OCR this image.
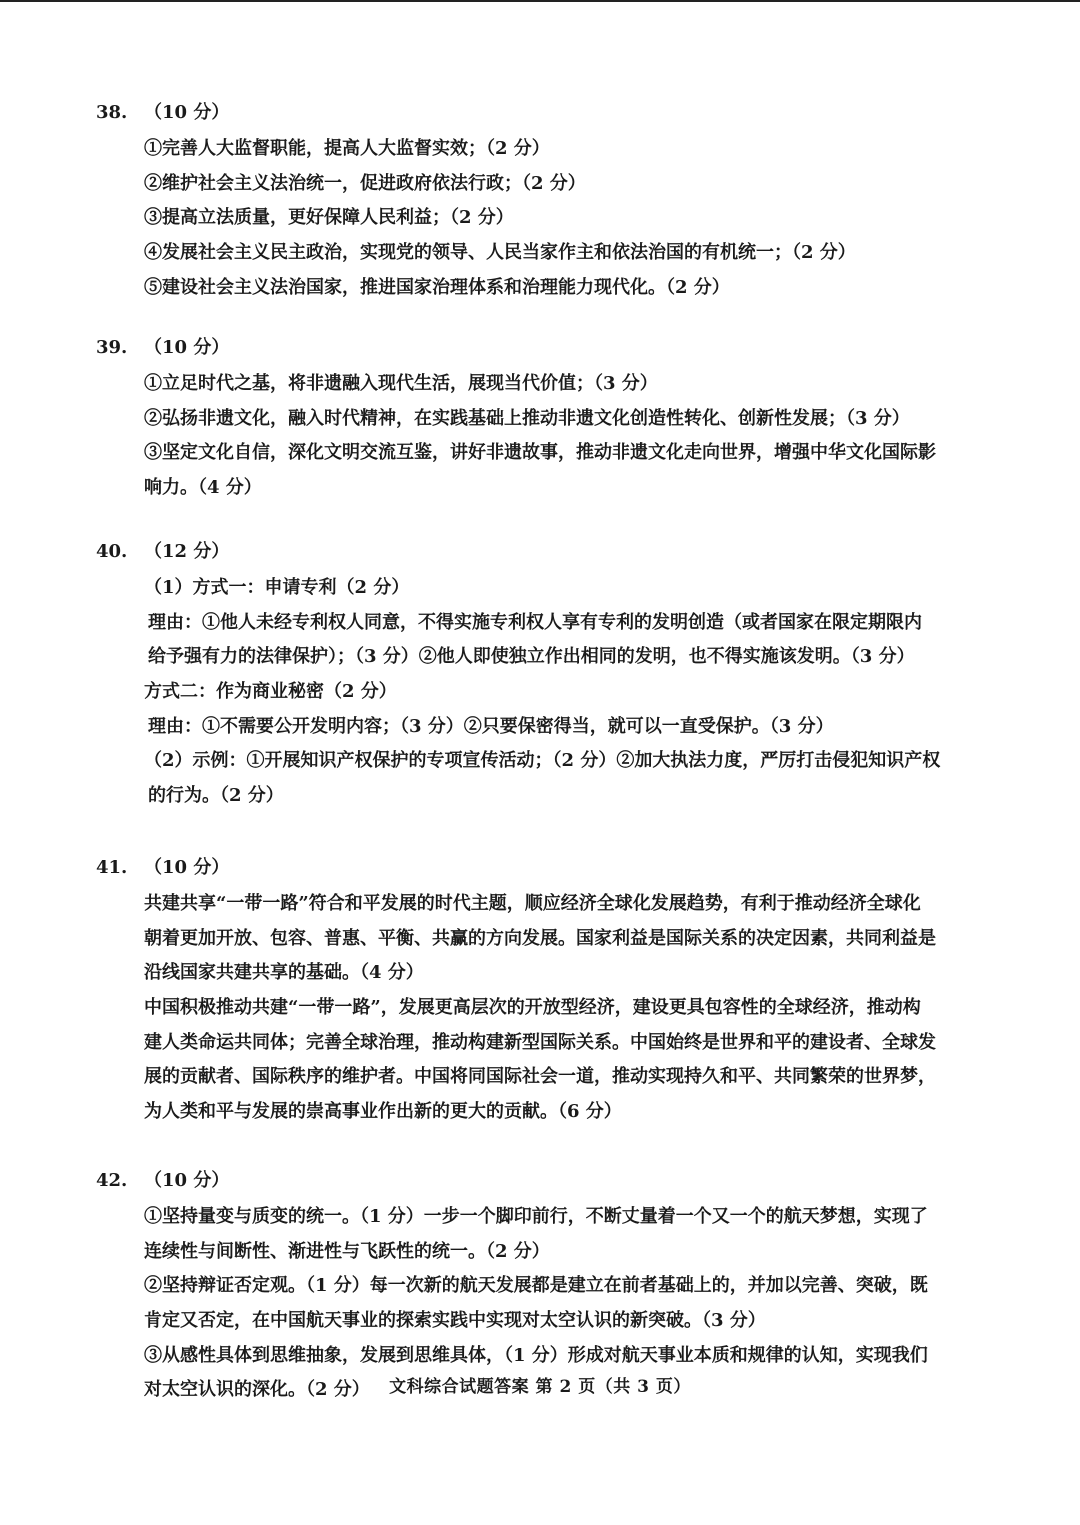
38. （10 分）
①完善人大监督职能，提高人大监督实效；（2 分）
②维护社会主义法治统一，促进政府依法行政；（2 分）
③提高立法质量，更好保障人民利益；（2 分）
④发展社会主义民主政治，实现党的领导、人民当家作主和依法治国的有机统一；（2 分）
⑤建设社会主义法治国家，推进国家治理体系和治理能力现代化。（2 分）
39. （10 分）
①立足时代之基，将非遗融入现代生活，展现当代价值；（3 分）
②弘扬非遗文化，融入时代精神，在实践基础上推动非遗文化创造性转化、创新性发展；（3 分）
③坚定文化自信，深化文明交流互鉴，讲好非遗故事，推动非遗文化走向世界，增强中华文化国际影
响力。（4 分）
40. （12 分）
（1）方式一：申请专利（2 分）
理由：①他人未经专利权人同意，不得实施专利权人享有专利的发明创造（或者国家在限定期限内
给予强有力的法律保护）；（3 分）②他人即使独立作出相同的发明，也不得实施该发明。（3 分）
方式二：作为商业秘密（2 分）
理由：①不需要公开发明内容；（3 分）②只要保密得当，就可以一直受保护。（3 分）
（2）示例：①开展知识产权保护的专项宣传活动；（2 分）②加大执法力度，严厉打击侵犯知识产权
的行为。（2 分）
41. （10 分）
共建共享“一带一路”符合和平发展的时代主题，顺应经济全球化发展趋势，有利于推动经济全球化
朝着更加开放、包容、普惠、平衡、共赢的方向发展。国家利益是国际关系的决定因素，共同利益是
沿线国家共建共享的基础。（4 分）
中国积极推动共建“一带一路”，发展更高层次的开放型经济，建设更具包容性的全球经济，推动构
建人类命运共同体；完善全球治理，推动构建新型国际关系。中国始终是世界和平的建设者、全球发
展的贡献者、国际秩序的维护者。中国将同国际社会一道，推动实现持久和平、共同繁荣的世界梦，
为人类和平与发展的崇高事业作出新的更大的贡献。（6 分）
42. （10 分）
①坚持量变与质变的统一。（1 分）一步一个脚印前行，不断丈量着一个又一个的航天梦想，实现了
连续性与间断性、渐进性与飞跃性的统一。（2 分）
②坚持辩证否定观。（1 分）每一次新的航天发展都是建立在前者基础上的，并加以完善、突破，既
肯定又否定，在中国航天事业的探索实践中实现对太空认识的新突破。（3 分）
③从感性具体到思维抽象，发展到思维具体，（1 分）形成对航天事业本质和规律的认知，实现我们
对太空认识的深化。（2 分）	文科综合试题答案 第 2 页（共 3 页）
